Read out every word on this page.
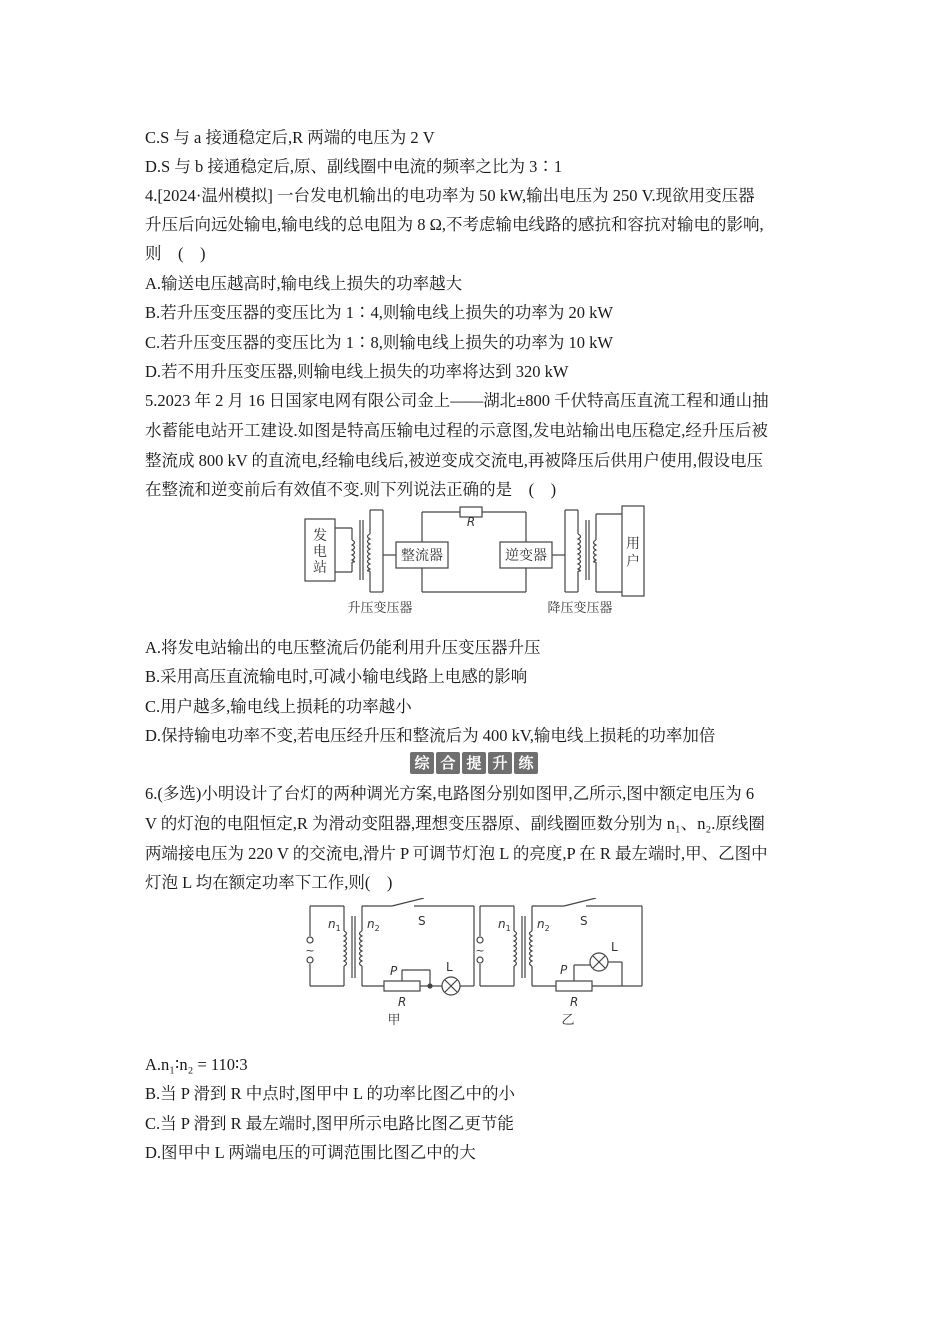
C.S 与 a 接通稳定后,R 两端的电压为 2 V
D.S 与 b 接通稳定后,原、副线圈中电流的频率之比为 3∶1
4.[2024·温州模拟] 一台发电机输出的电功率为 50 kW,输出电压为 250 V.现欲用变压器
升压后向远处输电,输电线的总电阻为 8 Ω,不考虑输电线路的感抗和容抗对输电的影响,
则　(　)
A.输送电压越高时,输电线上损失的功率越大
B.若升压变压器的变压比为 1∶4,则输电线上损失的功率为 20 kW
C.若升压变压器的变压比为 1∶8,则输电线上损失的功率为 10 kW
D.若不用升压变压器,则输电线上损失的功率将达到 320 kW
5.2023 年 2 月 16 日国家电网有限公司金上——湖北±800 千伏特高压直流工程和通山抽
水蓄能电站开工建设.如图是特高压输电过程的示意图,发电站输出电压稳定,经升压后被
整流成 800 kV 的直流电,经输电线后,被逆变成交流电,再被降压后供用户使用,假设电压
在整流和逆变前后有效值不变.则下列说法正确的是　(　)
发
电
站
整流器	逆变器
R
用
户
升压变压器	降压变压器
A.将发电站输出的电压整流后仍能利用升压变压器升压
B.采用高压直流输电时,可减小输电线路上电感的影响
C.用户越多,输电线上损耗的功率越小
D.保持输电功率不变,若电压经升压和整流后为 400 kV,输电线上损耗的功率加倍
综 合 提 升 练
6.(多选)小明设计了台灯的两种调光方案,电路图分别如图甲,乙所示,图中额定电压为 6
V 的灯泡的电阻恒定,R 为滑动变阻器,理想变压器原、副线圈匝数分别为 n₁、n₂.原线圈
两端接电压为 220 V 的交流电,滑片 P 可调节灯泡 L 的亮度,P 在 R 最左端时,甲、乙图中
灯泡 L 均在额定功率下工作,则(　)
~
$n_1$ $n_2$
S
P	L
R
甲
~
$n_1$ $n_2$
S
P
L
R
乙
A.n₁∶n₂ = 110∶3
B.当 P 滑到 R 中点时,图甲中 L 的功率比图乙中的小
C.当 P 滑到 R 最左端时,图甲所示电路比图乙更节能
D.图甲中 L 两端电压的可调范围比图乙中的大
